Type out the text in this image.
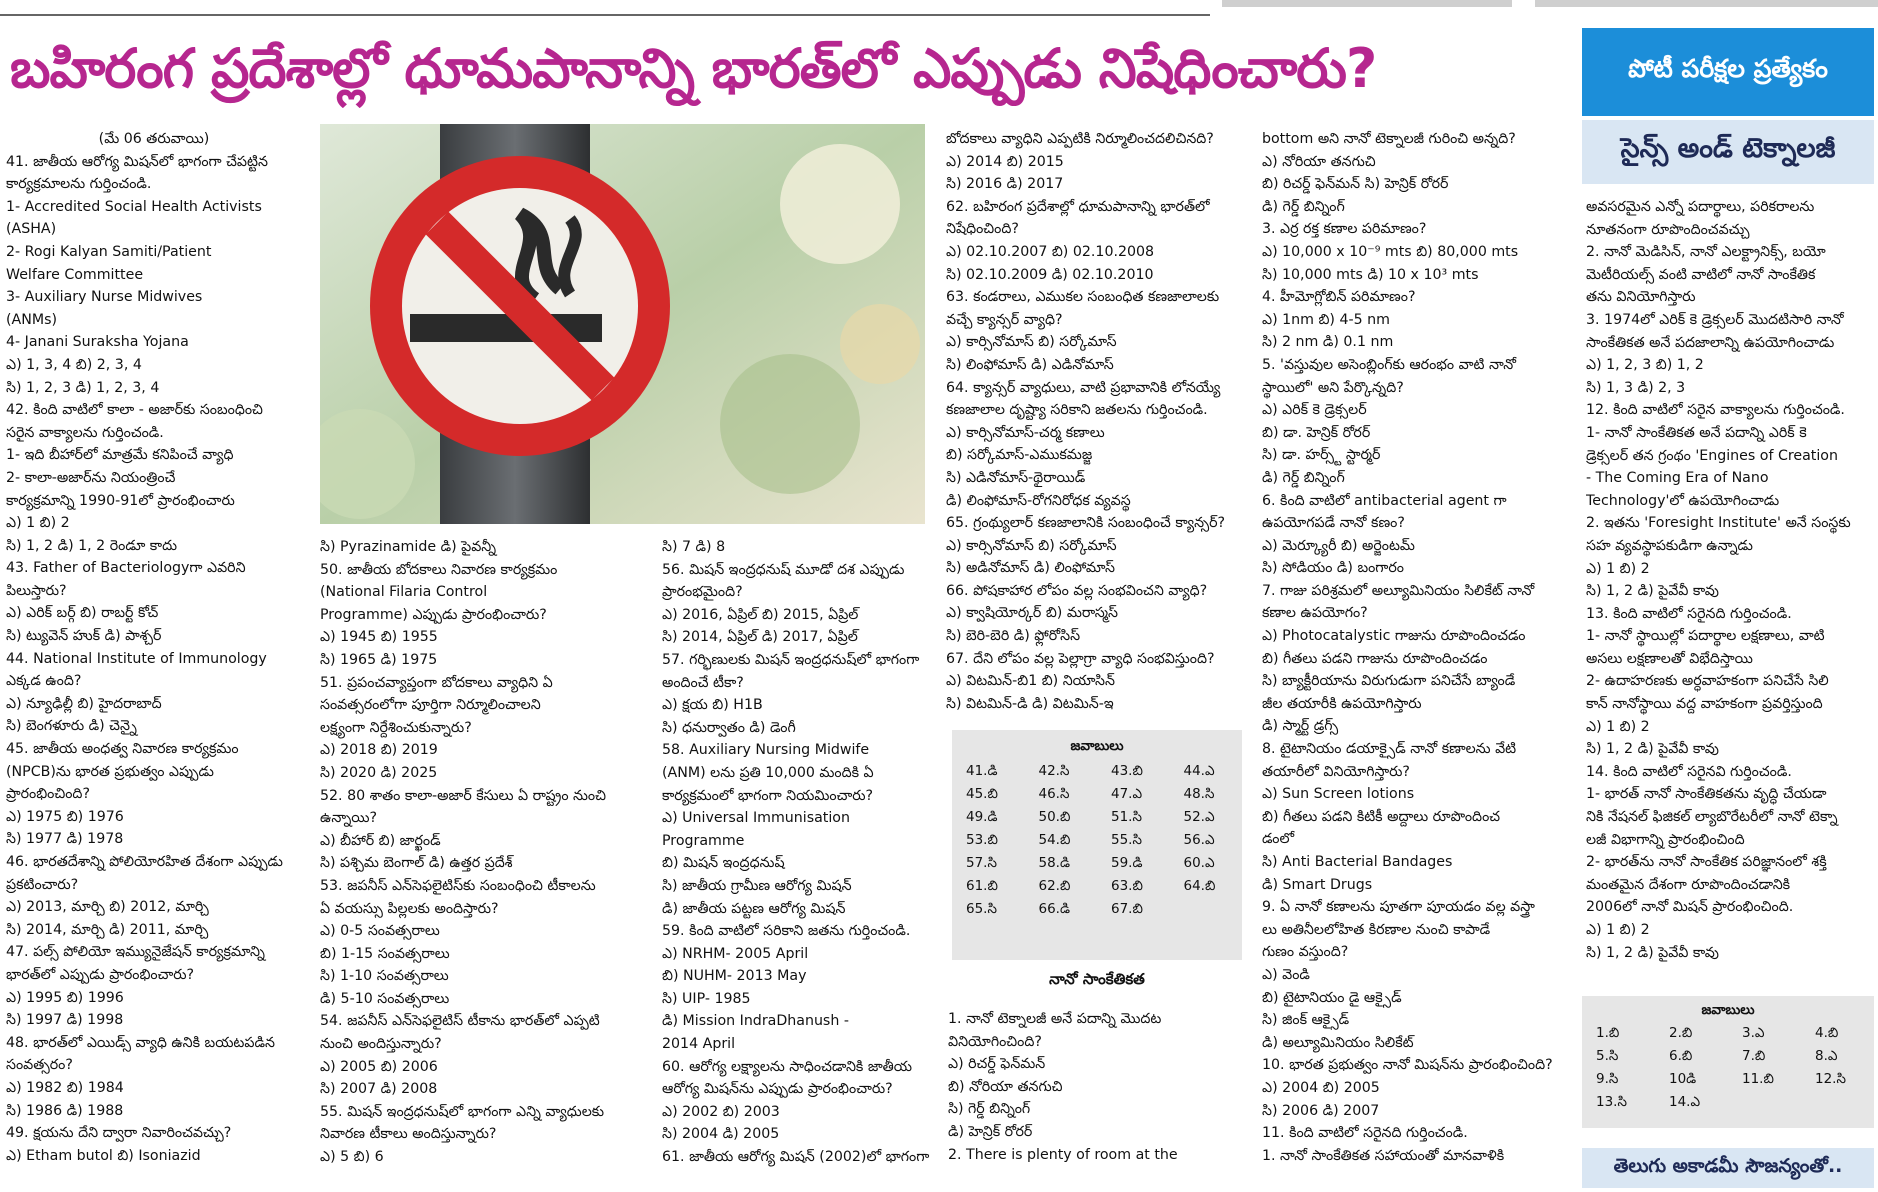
బహిరంగ ప్రదేశాల్లో ధూమపానాన్ని భారత్‌లో ఎప్పుడు నిషేధించారు?	పోటీ పరీక్షల ప్రత్యేకం
సైన్స్ అండ్ టెక్నాలజీ

(మే 06 తరువాయి)

41. జాతీయ ఆరోగ్య మిషన్‌లో భాగంగా చేపట్టిన

కార్యక్రమాలను గుర్తించండి.

1- Accredited Social Health Activists

(ASHA)

2- Rogi Kalyan Samiti/Patient

Welfare Committee

3- Auxiliary Nurse Midwives

(ANMs)

4- Janani Suraksha Yojana

ఎ) 1, 3, 4 బి) 2, 3, 4

సి) 1, 2, 3 డి) 1, 2, 3, 4

42. కింది వాటిలో కాలా - అజార్‌కు సంబంధించి

సరైన వాక్యాలను గుర్తించండి.

1- ఇది బీహార్‌లో మాత్రమే కనిపించే వ్యాధి

2- కాలా-అజార్‌ను నియంత్రించే

కార్యక్రమాన్ని 1990-91లో ప్రారంభించారు

ఎ) 1 బి) 2

సి) 1, 2 డి) 1, 2 రెండూ కాదు

43. Father of Bacteriologyగా ఎవరిని

పిలుస్తారు?

ఎ) ఎరిక్ బర్గ్ బి) రాబర్ట్ కోచ్

సి) ట్యువెన్ హుక్ డి) పాశ్చర్

44. National Institute of Immunology

ఎక్కడ ఉంది?

ఎ) న్యూఢిల్లీ బి) హైదరాబాద్

సి) బెంగళూరు డి) చెన్నై

45. జాతీయ అంధత్వ నివారణ కార్యక్రమం

(NPCB)ను భారత ప్రభుత్వం ఎప్పుడు

ప్రారంభించింది?

ఎ) 1975 బి) 1976

సి) 1977 డి) 1978

46. భారతదేశాన్ని పోలియోరహిత దేశంగా ఎప్పుడు

ప్రకటించారు?

ఎ) 2013, మార్చి బి) 2012, మార్చి

సి) 2014, మార్చి డి) 2011, మార్చి

47. పల్స్ పోలియో ఇమ్యునైజేషన్ కార్యక్రమాన్ని

భారత్‌లో ఎప్పుడు ప్రారంభించారు?

ఎ) 1995 బి) 1996

సి) 1997 డి) 1998

48. భారత్‌లో ఎయిడ్స్ వ్యాధి ఉనికి బయటపడిన

సంవత్సరం?

ఎ) 1982 బి) 1984

సి) 1986 డి) 1988

49. క్షయను దేని ద్వారా నివారించవచ్చు?

ఎ) Etham butol బి) Isoniazid

సి) Pyrazinamide డి) పైవన్నీ

50. జాతీయ బోదకాలు నివారణ కార్యక్రమం

(National Filaria Control

Programme) ఎప్పుడు ప్రారంభించారు?

ఎ) 1945 బి) 1955

సి) 1965 డి) 1975

51. ప్రపంచవ్యాప్తంగా బోదకాలు వ్యాధిని ఏ

సంవత్సరంలోగా పూర్తిగా నిర్మూలించాలని

లక్ష్యంగా నిర్దేశించుకున్నారు?

ఎ) 2018 బి) 2019

సి) 2020 డి) 2025

52. 80 శాతం కాలా-అజార్ కేసులు ఏ రాష్ట్రం నుంచి

ఉన్నాయి?

ఎ) బీహార్ బి) జార్ఖండ్

సి) పశ్చిమ బెంగాల్ డి) ఉత్తర ప్రదేశ్

53. జపనీస్ ఎన్‌సెఫలైటిస్‌కు సంబంధించి టీకాలను

ఏ వయస్సు పిల్లలకు అందిస్తారు?

ఎ) 0-5 సంవత్సరాలు

బి) 1-15 సంవత్సరాలు

సి) 1-10 సంవత్సరాలు

డి) 5-10 సంవత్సరాలు

54. జపనీస్ ఎన్‌సెఫలైటిస్ టీకాను భారత్‌లో ఎప్పటి

నుంచి అందిస్తున్నారు?

ఎ) 2005 బి) 2006

సి) 2007 డి) 2008

55. మిషన్ ఇంద్రధనుష్‌లో భాగంగా ఎన్ని వ్యాధులకు

నివారణ టీకాలు అందిస్తున్నారు?

ఎ) 5 బి) 6

సి) 7 డి) 8

56. మిషన్ ఇంద్రధనుష్ మూడో దశ ఎప్పుడు

ప్రారంభమైంది?

ఎ) 2016, ఏప్రిల్ బి) 2015, ఏప్రిల్

సి) 2014, ఏప్రిల్ డి) 2017, ఏప్రిల్

57. గర్భిణులకు మిషన్ ఇంద్రధనుష్‌లో భాగంగా

అందించే టీకా?

ఎ) క్షయ బి) H1B

సి) ధనుర్వాతం డి) డెంగీ

58. Auxiliary Nursing Midwife

(ANM) లను ప్రతి 10,000 మందికి ఏ

కార్యక్రమంలో భాగంగా నియమించారు?

ఎ) Universal Immunisation

Programme

బి) మిషన్ ఇంద్రధనుష్

సి) జాతీయ గ్రామీణ ఆరోగ్య మిషన్

డి) జాతీయ పట్టణ ఆరోగ్య మిషన్

59. కింది వాటిలో సరికాని జతను గుర్తించండి.

ఎ) NRHM- 2005 April

బి) NUHM- 2013 May

సి) UIP- 1985

డి) Mission IndraDhanush -

2014 April

60. ఆరోగ్య లక్ష్యాలను సాధించడానికి జాతీయ

ఆరోగ్య మిషన్‌ను ఎప్పుడు ప్రారంభించారు?

ఎ) 2002 బి) 2003

సి) 2004 డి) 2005

61. జాతీయ ఆరోగ్య మిషన్ (2002)లో భాగంగా

బోదకాలు వ్యాధిని ఎప్పటికి నిర్మూలించదలిచినది?

ఎ) 2014 బి) 2015

సి) 2016 డి) 2017

62. బహిరంగ ప్రదేశాల్లో ధూమపానాన్ని భారత్‌లో

నిషేధించింది?

ఎ) 02.10.2007 బి) 02.10.2008

సి) 02.10.2009 డి) 02.10.2010

63. కండరాలు, ఎముకల సంబంధిత కణజాలాలకు

వచ్చే క్యాన్సర్ వ్యాధి?

ఎ) కార్సినోమాస్ బి) సర్కోమాస్

సి) లింఫోమాస్ డి) ఎడినోమాస్

64. క్యాన్సర్ వ్యాధులు, వాటి ప్రభావానికి లోనయ్యే

కణజాలాల దృష్ట్యా సరికాని జతలను గుర్తించండి.

ఎ) కార్సినోమాస్-చర్మ కణాలు

బి) సర్కోమాస్-ఎముకమజ్జ

సి) ఎడినోమాస్-థైరాయిడ్

డి) లింఫోమాస్-రోగనిరోధక వ్యవస్థ

65. గ్రంథ్యులార్ కణజాలానికి సంబంధించే క్యాన్సర్?

ఎ) కార్సినోమాస్ బి) సర్కోమాస్

సి) అడినోమాస్ డి) లింఫోమాస్

66. పోషకాహార లోపం వల్ల సంభవించని వ్యాధి?

ఎ) క్వాషియోర్కర్ బి) మరాస్మస్

సి) బెరి-బెరి డి) ఫ్లోరోసిస్

67. దేని లోపం వల్ల పెల్లాగ్రా వ్యాధి సంభవిస్తుంది?

ఎ) విటమిన్-బి1 బి) నియాసిన్

సి) విటమిన్-డి డి) విటమిన్-ఇ

జవాబులు
41.డి	42.సి	43.బి	44.ఎ
45.బి	46.సి	47.ఎ	48.సి
49.డి	50.బి	51.సి	52.ఎ
53.బి	54.బి	55.సి	56.ఎ
57.సి	58.డి	59.డి	60.ఎ
61.బి	62.బి	63.బి	64.బి
65.సి	66.డి	67.బి
నానో సాంకేతికత

1. నానో టెక్నాలజీ అనే పదాన్ని మొదట

వినియోగించింది?

ఎ) రిచర్డ్ ఫెన్‌మన్

బి) నోరియా తనగుచి

సి) గెర్డ్ బిన్నింగ్

డి) హెన్రిక్ రోరర్

2. There is plenty of room at the

bottom అని నానో టెక్నాలజీ గురించి అన్నది?

ఎ) నోరియా తనగుచి

బి) రిచర్డ్ ఫెన్‌మన్ సి) హెన్రిక్ రోరర్

డి) గెర్డ్ బిన్నింగ్

3. ఎర్ర రక్త కణాల పరిమాణం?

ఎ) 10,000 x 10⁻⁹ mts బి) 80,000 mts

సి) 10,000 mts డి) 10 x 10³ mts

4. హీమోగ్లోబిన్ పరిమాణం?

ఎ) 1nm బి) 4-5 nm

సి) 2 nm డి) 0.1 nm

5. 'వస్తువుల అసెంబ్లింగ్‌కు ఆరంభం వాటి నానో

స్థాయిలో' అని పేర్కొన్నది?

ఎ) ఎరిక్ కె డ్రెక్సలర్

బి) డా. హెన్రిక్ రోరర్

సి) డా. హర్స్ట్ స్టార్మర్

డి) గెర్డ్ బిన్నింగ్

6. కింది వాటిలో antibacterial agent గా

ఉపయోగపడే నానో కణం?

ఎ) మెర్క్యూరీ బి) అర్జెంటమ్

సి) సోడియం డి) బంగారం

7. గాజు పరిశ్రమలో అల్యూమినియం సిలికేట్ నానో

కణాల ఉపయోగం?

ఎ) Photocatalystic గాజును రూపొందించడం

బి) గీతలు పడని గాజును రూపొందించడం

సి) బ్యాక్టీరియాను విరుగుడుగా పనిచేసే బ్యాండే

జీల తయారీకి ఉపయోగిస్తారు

డి) స్మార్ట్ డ్రగ్స్

8. టైటానియం డయాక్సైడ్ నానో కణాలను వేటి

తయారీలో వినియోగిస్తారు?

ఎ) Sun Screen lotions

బి) గీతలు పడని కిటికీ అద్దాలు రూపొందించ

డంలో

సి) Anti Bacterial Bandages

డి) Smart Drugs

9. ఏ నానో కణాలను పూతగా పూయడం వల్ల వస్త్రా

లు అతినీలలోహిత కిరణాల నుంచి కాపాడే

గుణం వస్తుంది?

ఎ) వెండి

బి) టైటానియం డై ఆక్సైడ్

సి) జింక్ ఆక్సైడ్

డి) అల్యూమినియం సిలికేట్

10. భారత ప్రభుత్వం నానో మిషన్‌ను ప్రారంభించింది?

ఎ) 2004 బి) 2005

సి) 2006 డి) 2007

11. కింది వాటిలో సరైనది గుర్తించండి.

1. నానో సాంకేతికత సహాయంతో మానవాళికి

అవసరమైన ఎన్నో పదార్థాలు, పరికరాలను

నూతనంగా రూపొందించవచ్చు

2. నానో మెడిసిన్, నానో ఎలక్ట్రానిక్స్, బయో

మెటీరియల్స్ వంటి వాటిలో నానో సాంకేతిక

తను వినియోగిస్తారు

3. 1974లో ఎరిక్ కె డ్రెక్సలర్ మొదటిసారి నానో

సాంకేతికత అనే పదజాలాన్ని ఉపయోగించాడు

ఎ) 1, 2, 3 బి) 1, 2

సి) 1, 3 డి) 2, 3

12. కింది వాటిలో సరైన వాక్యాలను గుర్తించండి.

1- నానో సాంకేతికత అనే పదాన్ని ఎరిక్ కె

డ్రెక్సలర్ తన గ్రంథం 'Engines of Creation

- The Coming Era of Nano

Technology'లో ఉపయోగించాడు

2. ఇతను 'Foresight Institute' అనే సంస్థకు

సహ వ్యవస్థాపకుడిగా ఉన్నాడు

ఎ) 1 బి) 2

సి) 1, 2 డి) పైవేవీ కావు

13. కింది వాటిలో సరైనది గుర్తించండి.

1- నానో స్థాయిల్లో పదార్థాల లక్షణాలు, వాటి

అసలు లక్షణాలతో విభేదిస్తాయి

2- ఉదాహరణకు అర్ధవాహకంగా పనిచేసే సిలి

కాన్ నానోస్థాయి వద్ద వాహకంగా ప్రవర్తిస్తుంది

ఎ) 1 బి) 2

సి) 1, 2 డి) పైవేవీ కావు

14. కింది వాటిలో సరైనవి గుర్తించండి.

1- భారత్ నానో సాంకేతికతను వృద్ధి చేయడా

నికి నేషనల్ ఫిజికల్ ల్యాబొరేటరీలో నానో టెక్నా

లజీ విభాగాన్ని ప్రారంభించింది

2- భారత్‌ను నానో సాంకేతిక పరిజ్ఞానంలో శక్తి

మంతమైన దేశంగా రూపొందించడానికి

2006లో నానో మిషన్ ప్రారంభించింది.

ఎ) 1 బి) 2

సి) 1, 2 డి) పైవేవీ కావు

జవాబులు
1.బి	2.బి	3.ఎ	4.బి
5.సి	6.బి	7.బి	8.ఎ
9.సి	10డి	11.బి	12.సి
13.సి	14.ఎ
తెలుగు అకాడమీ సౌజన్యంతో..
